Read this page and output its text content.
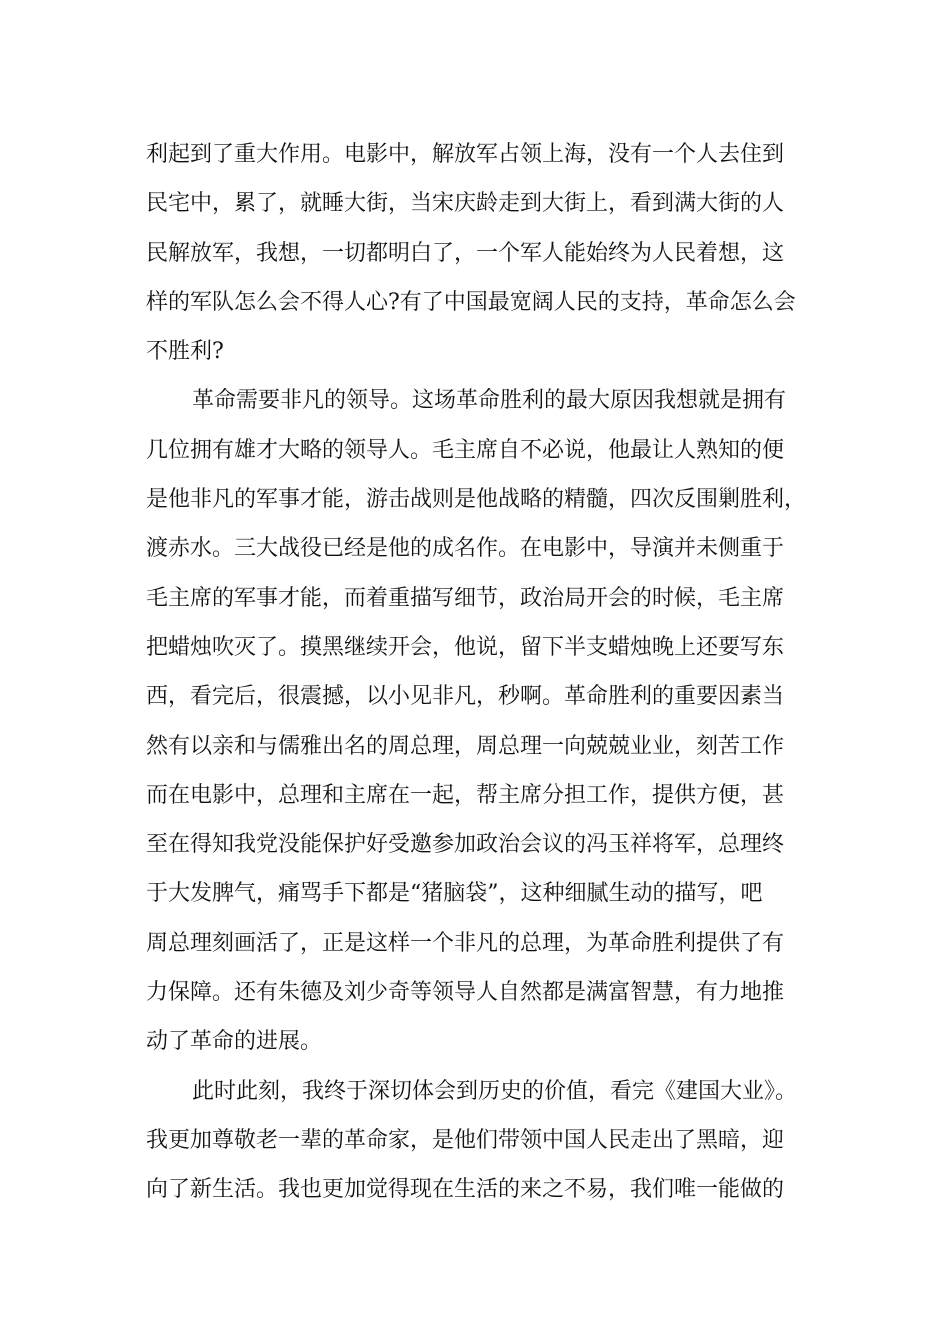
利起到了重大作用。电影中，解放军占领上海，没有一个人去住到
民宅中，累了，就睡大街，当宋庆龄走到大街上，看到满大街的人
民解放军，我想，一切都明白了，一个军人能始终为人民着想，这
样的军队怎么会不得人心?有了中国最宽阔人民的支持，革命怎么会
不胜利?
革命需要非凡的领导。这场革命胜利的最大原因我想就是拥有
几位拥有雄才大略的领导人。毛主席自不必说，他最让人熟知的便
是他非凡的军事才能，游击战则是他战略的精髓，四次反围剿胜利，
渡赤水。三大战役已经是他的成名作。在电影中，导演并未侧重于
毛主席的军事才能，而着重描写细节，政治局开会的时候，毛主席
把蜡烛吹灭了。摸黑继续开会，他说，留下半支蜡烛晚上还要写东
西，看完后，很震撼，以小见非凡，秒啊。革命胜利的重要因素当
然有以亲和与儒雅出名的周总理，周总理一向兢兢业业，刻苦工作
而在电影中，总理和主席在一起，帮主席分担工作，提供方便，甚
至在得知我党没能保护好受邀参加政治会议的冯玉祥将军，总理终
于大发脾气，痛骂手下都是“猪脑袋”，这种细腻生动的描写，吧
周总理刻画活了，正是这样一个非凡的总理，为革命胜利提供了有
力保障。还有朱德及刘少奇等领导人自然都是满富智慧，有力地推
动了革命的进展。
此时此刻，我终于深切体会到历史的价值，看完《建国大业》。
我更加尊敬老一辈的革命家，是他们带领中国人民走出了黑暗，迎
向了新生活。我也更加觉得现在生活的来之不易，我们唯一能做的
